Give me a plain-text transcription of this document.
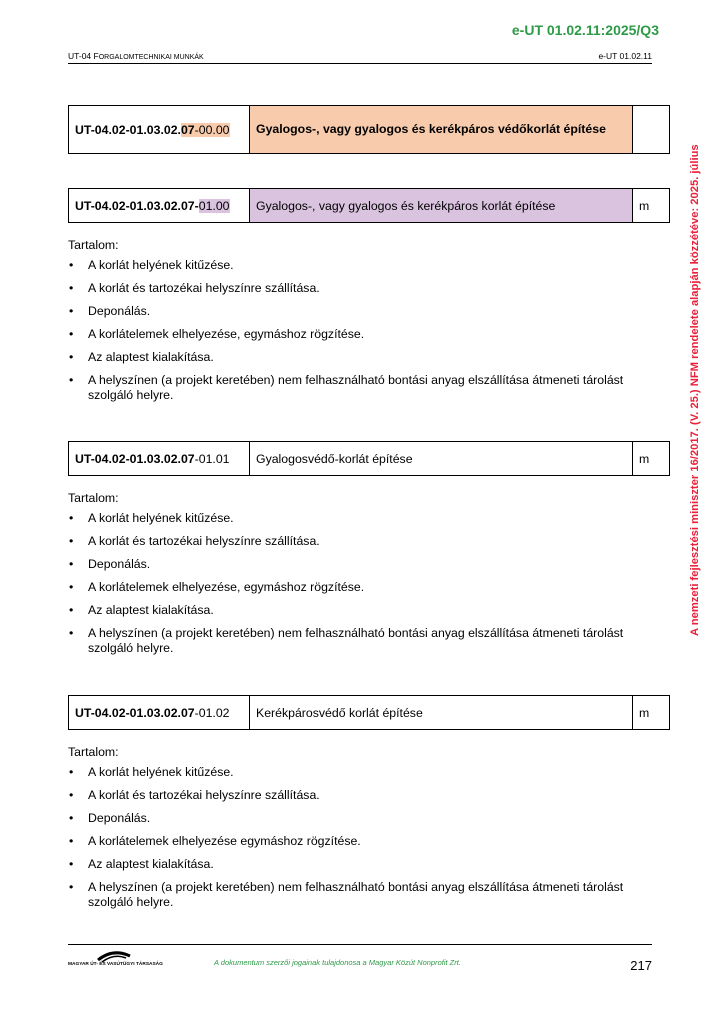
e-UT 01.02.11:2025/Q3
UT-04 FORGALOMTECHNIKAI MUNKÁK	e-UT 01.02.11
A nemzeti fejlesztési miniszter 16/2017. (V. 25.) NFM rendelete alapján közzétéve: 2025. július
UT-04.02-01.03.02.07-00.00	Gyalogos-, vagy gyalogos és kerékpáros védőkorlát építése	
UT-04.02-01.03.02.07-01.00	Gyalogos-, vagy gyalogos és kerékpáros korlát építése	m

Tartalom:

• A korlát helyének kitűzése.
• A korlát és tartozékai helyszínre szállítása.
• Deponálás.
• A korlátelemek elhelyezése, egymáshoz rögzítése.
• Az alaptest kialakítása.
• A helyszínen (a projekt keretében) nem felhasználható bontási anyag elszállítása átmeneti tárolást szolgáló helyre.
UT-04.02-01.03.02.07-01.01	Gyalogosvédő-korlát építése	m

Tartalom:

• A korlát helyének kitűzése.
• A korlát és tartozékai helyszínre szállítása.
• Deponálás.
• A korlátelemek elhelyezése, egymáshoz rögzítése.
• Az alaptest kialakítása.
• A helyszínen (a projekt keretében) nem felhasználható bontási anyag elszállítása átmeneti tárolást szolgáló helyre.
UT-04.02-01.03.02.07-01.02	Kerékpárosvédő korlát építése	m

Tartalom:

• A korlát helyének kitűzése.
• A korlát és tartozékai helyszínre szállítása.
• Deponálás.
• A korlátelemek elhelyezése egymáshoz rögzítése.
• Az alaptest kialakítása.
• A helyszínen (a projekt keretében) nem felhasználható bontási anyag elszállítása átmeneti tárolást szolgáló helyre.
MAGYAR ÚT- ÉS VASÚTÜGYI TÁRSASÁG	A dokumentum szerzői jogainak tulajdonosa a Magyar Közút Nonprofit Zrt.	217
